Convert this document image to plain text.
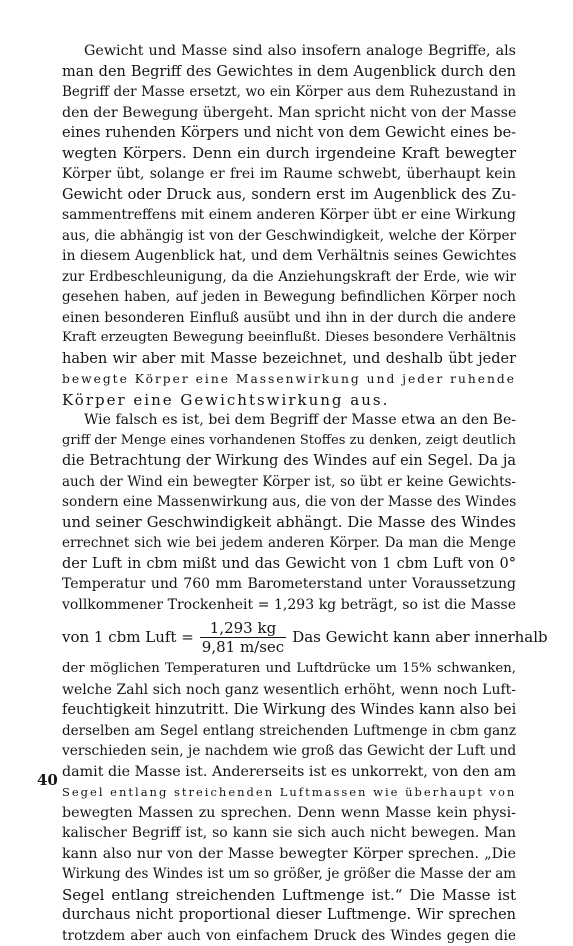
Gewicht und Masse sind also insofern analoge Begriffe, als
man den Begriff des Gewichtes in dem Augenblick durch den
Begriff der Masse ersetzt, wo ein Körper aus dem Ruhezustand in
den der Bewegung übergeht. Man spricht nicht von der Masse
eines ruhenden Körpers und nicht von dem Gewicht eines be-
wegten Körpers. Denn ein durch irgendeine Kraft bewegter
Körper übt, solange er frei im Raume schwebt, überhaupt kein
Gewicht oder Druck aus, sondern erst im Augenblick des Zu-
sammentreffens mit einem anderen Körper übt er eine Wirkung
aus, die abhängig ist von der Geschwindigkeit, welche der Körper
in diesem Augenblick hat, und dem Verhältnis seines Gewichtes
zur Erdbeschleunigung, da die Anziehungskraft der Erde, wie wir
gesehen haben, auf jeden in Bewegung befindlichen Körper noch
einen besonderen Einfluß ausübt und ihn in der durch die andere
Kraft erzeugten Bewegung beeinflußt. Dieses besondere Verhältnis
haben wir aber mit Masse bezeichnet, und deshalb übt jeder
bewegte Körper eine Massenwirkung und jeder ruhende
Körper eine Gewichtswirkung aus.
Wie falsch es ist, bei dem Begriff der Masse etwa an den Be-
griff der Menge eines vorhandenen Stoffes zu denken, zeigt deutlich
die Betrachtung der Wirkung des Windes auf ein Segel. Da ja
auch der Wind ein bewegter Körper ist, so übt er keine Gewichts-
sondern eine Massenwirkung aus, die von der Masse des Windes
und seiner Geschwindigkeit abhängt. Die Masse des Windes
errechnet sich wie bei jedem anderen Körper. Da man die Menge
der Luft in cbm mißt und das Gewicht von 1 cbm Luft von 0°
Temperatur und 760 mm Barometerstand unter Voraussetzung
vollkommener Trockenheit = 1,293 kg beträgt, so ist die Masse
von 1 cbm Luft = $\frac{1,293 kg}{9,81 m/\sec}$ Das Gewicht kann aber innerhalb
der möglichen Temperaturen und Luftdrücke um 15% schwanken,
welche Zahl sich noch ganz wesentlich erhöht, wenn noch Luft-
feuchtigkeit hinzutritt. Die Wirkung des Windes kann also bei
derselben am Segel entlang streichenden Luftmenge in cbm ganz
verschieden sein, je nachdem wie groß das Gewicht der Luft und
damit die Masse ist. Andererseits ist es unkorrekt, von den am
Segel entlang streichenden Luftmassen wie überhaupt von
bewegten Massen zu sprechen. Denn wenn Masse kein physi-
kalischer Begriff ist, so kann sie sich auch nicht bewegen. Man
kann also nur von der Masse bewegter Körper sprechen. „Die
Wirkung des Windes ist um so größer, je größer die Masse der am
Segel entlang streichenden Luftmenge ist.“ Die Masse ist
durchaus nicht proportional dieser Luftmenge. Wir sprechen
trotzdem aber auch von einfachem Druck des Windes gegen die
40
